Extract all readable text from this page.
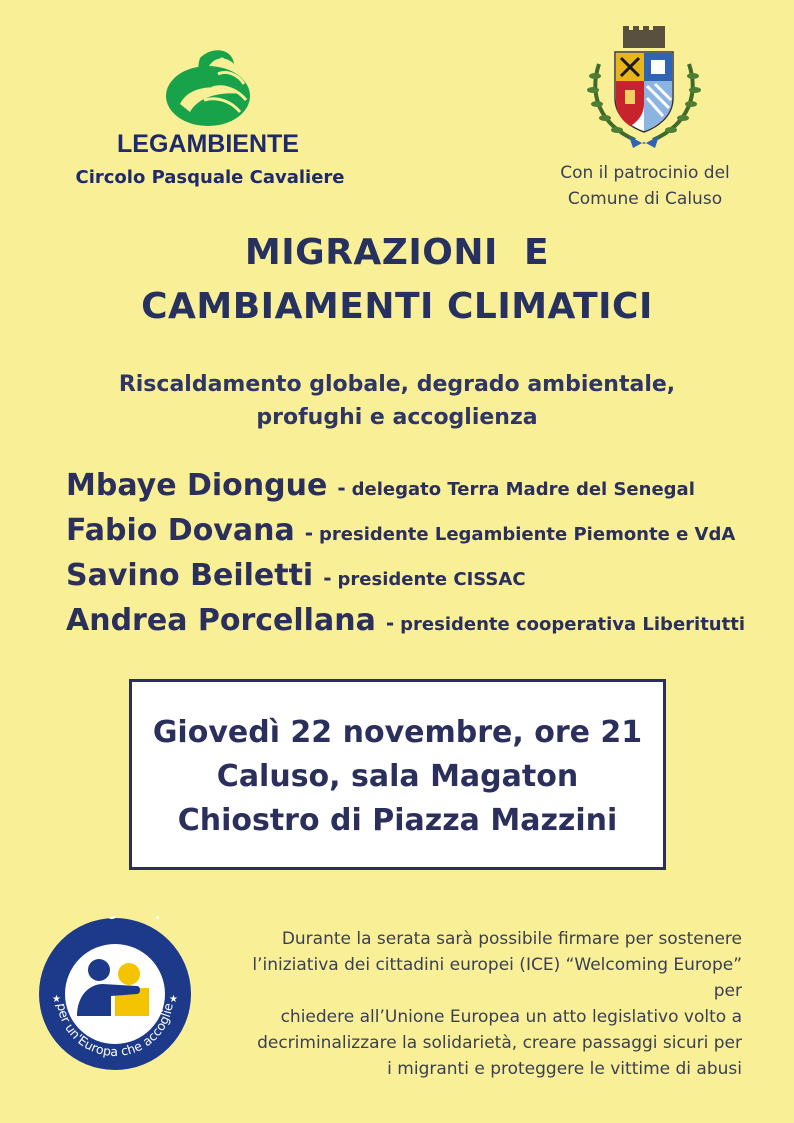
LEGAMBIENTE
Circolo Pasquale Cavaliere	Con il patrocinio del
Comune di Caluso
MIGRAZIONI  E
CAMBIAMENTI CLIMATICI
Riscaldamento globale, degrado ambientale,
profughi e accoglienza
Mbaye Diongue - delegato Terra Madre del Senegal
Fabio Dovana - presidente Legambiente Piemonte e VdA
Savino Beiletti - presidente CISSAC
Andrea Porcellana - presidente cooperativa Liberitutti
Giovedì 22 novembre, ore 21
Caluso, sala Magaton
Chiostro di Piazza Mazzini
per un'Europa che accoglie
★	★
Durante la serata sarà possibile firmare per sostenere
l’iniziativa dei cittadini europei (ICE) “Welcoming Europe” per
chiedere all’Unione Europea un atto legislativo volto a
decriminalizzare la solidarietà, creare passaggi sicuri per
i migranti e proteggere le vittime di abusi
